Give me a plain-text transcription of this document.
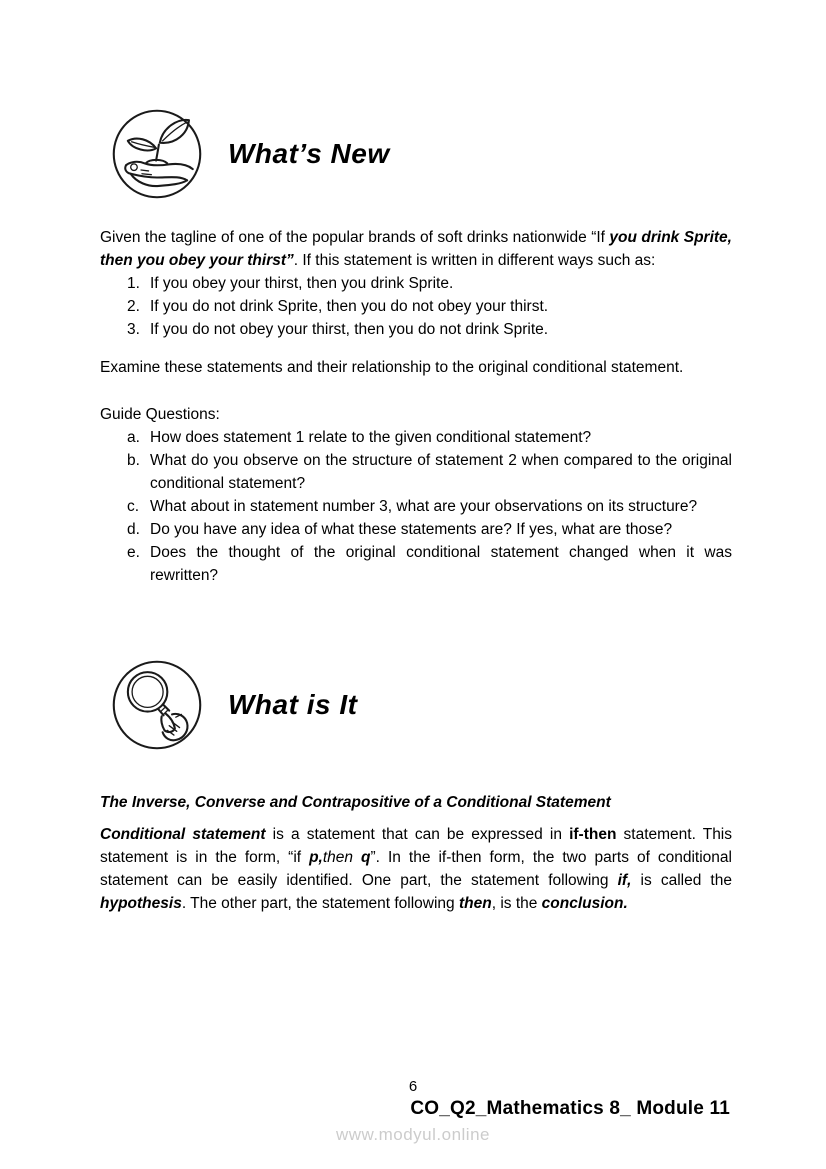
What’s New
Given the tagline of one of the popular brands of soft drinks nationwide “If you drink Sprite, then you obey your thirst”. If this statement is written in different ways such as:
1. If you obey your thirst, then you drink Sprite.
2. If you do not drink Sprite, then you do not obey your thirst.
3. If you do not obey your thirst, then you do not drink Sprite.
Examine these statements and their relationship to the original conditional statement.
Guide Questions:
a. How does statement 1 relate to the given conditional statement?
b. What do you observe on the structure of statement 2 when compared to the original conditional statement?
c. What about in statement number 3, what are your observations on its structure?
d. Do you have any idea of what these statements are? If yes, what are those?
e. Does the thought of the original conditional statement changed when it was rewritten?
What is It
The Inverse, Converse and Contrapositive of a Conditional Statement
Conditional statement is a statement that can be expressed in if-then statement. This statement is in the form, “if p,then q”. In the if-then form, the two parts of conditional statement can be easily identified. One part, the statement following if, is called the hypothesis. The other part, the statement following then, is the conclusion.
6
CO_Q2_Mathematics 8_ Module 11
www.modyul.online
